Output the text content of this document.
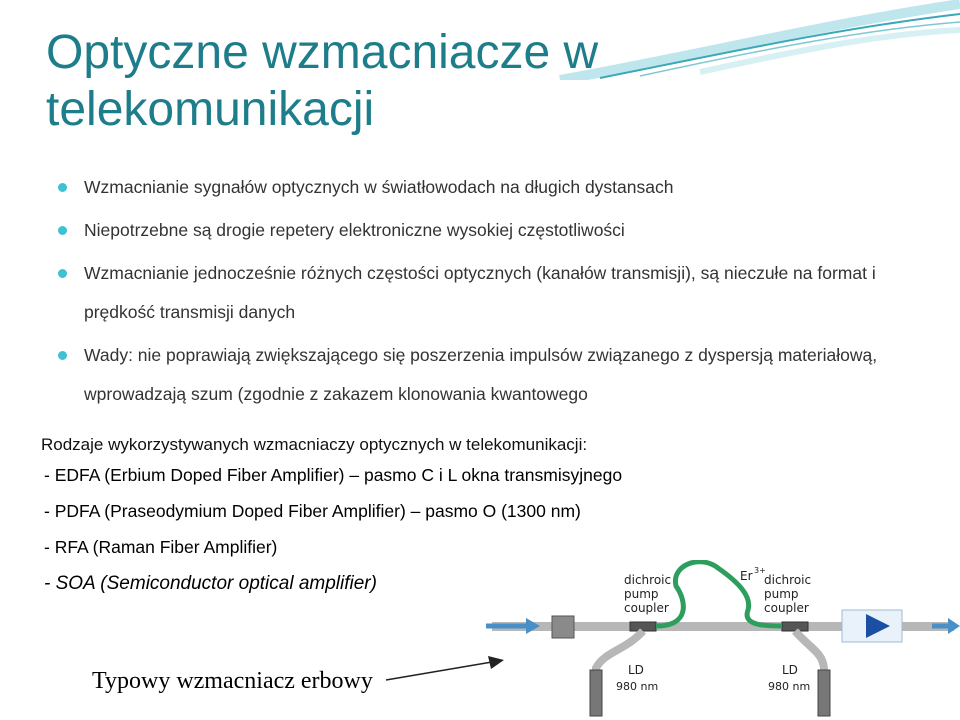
Optyczne wzmacniacze w telekomunikacji
Wzmacnianie sygnałów optycznych w światłowodach na długich dystansach
Niepotrzebne są drogie repetery elektroniczne wysokiej częstotliwości
Wzmacnianie jednocześnie różnych częstości optycznych (kanałów transmisji), są nieczułe na format i prędkość transmisji danych
Wady: nie poprawiają zwiększającego się poszerzenia impulsów związanego z dyspersją materiałową, wprowadzają szum (zgodnie z zakazem klonowania kwantowego

Rodzaje wykorzystywanych wzmacniaczy optycznych w telekomunikacji:

- EDFA (Erbium Doped Fiber Amplifier) – pasmo C i L okna transmisyjnego
- PDFA (Praseodymium Doped Fiber Amplifier) – pasmo O (1300 nm)
- RFA (Raman Fiber Amplifier)
- SOA (Semiconductor optical amplifier)

Typowy wzmacniacz erbowy

dichroic
pump
coupler
dichroic
pump
coupler
Er 3+
LD
980 nm
LD
980 nm
